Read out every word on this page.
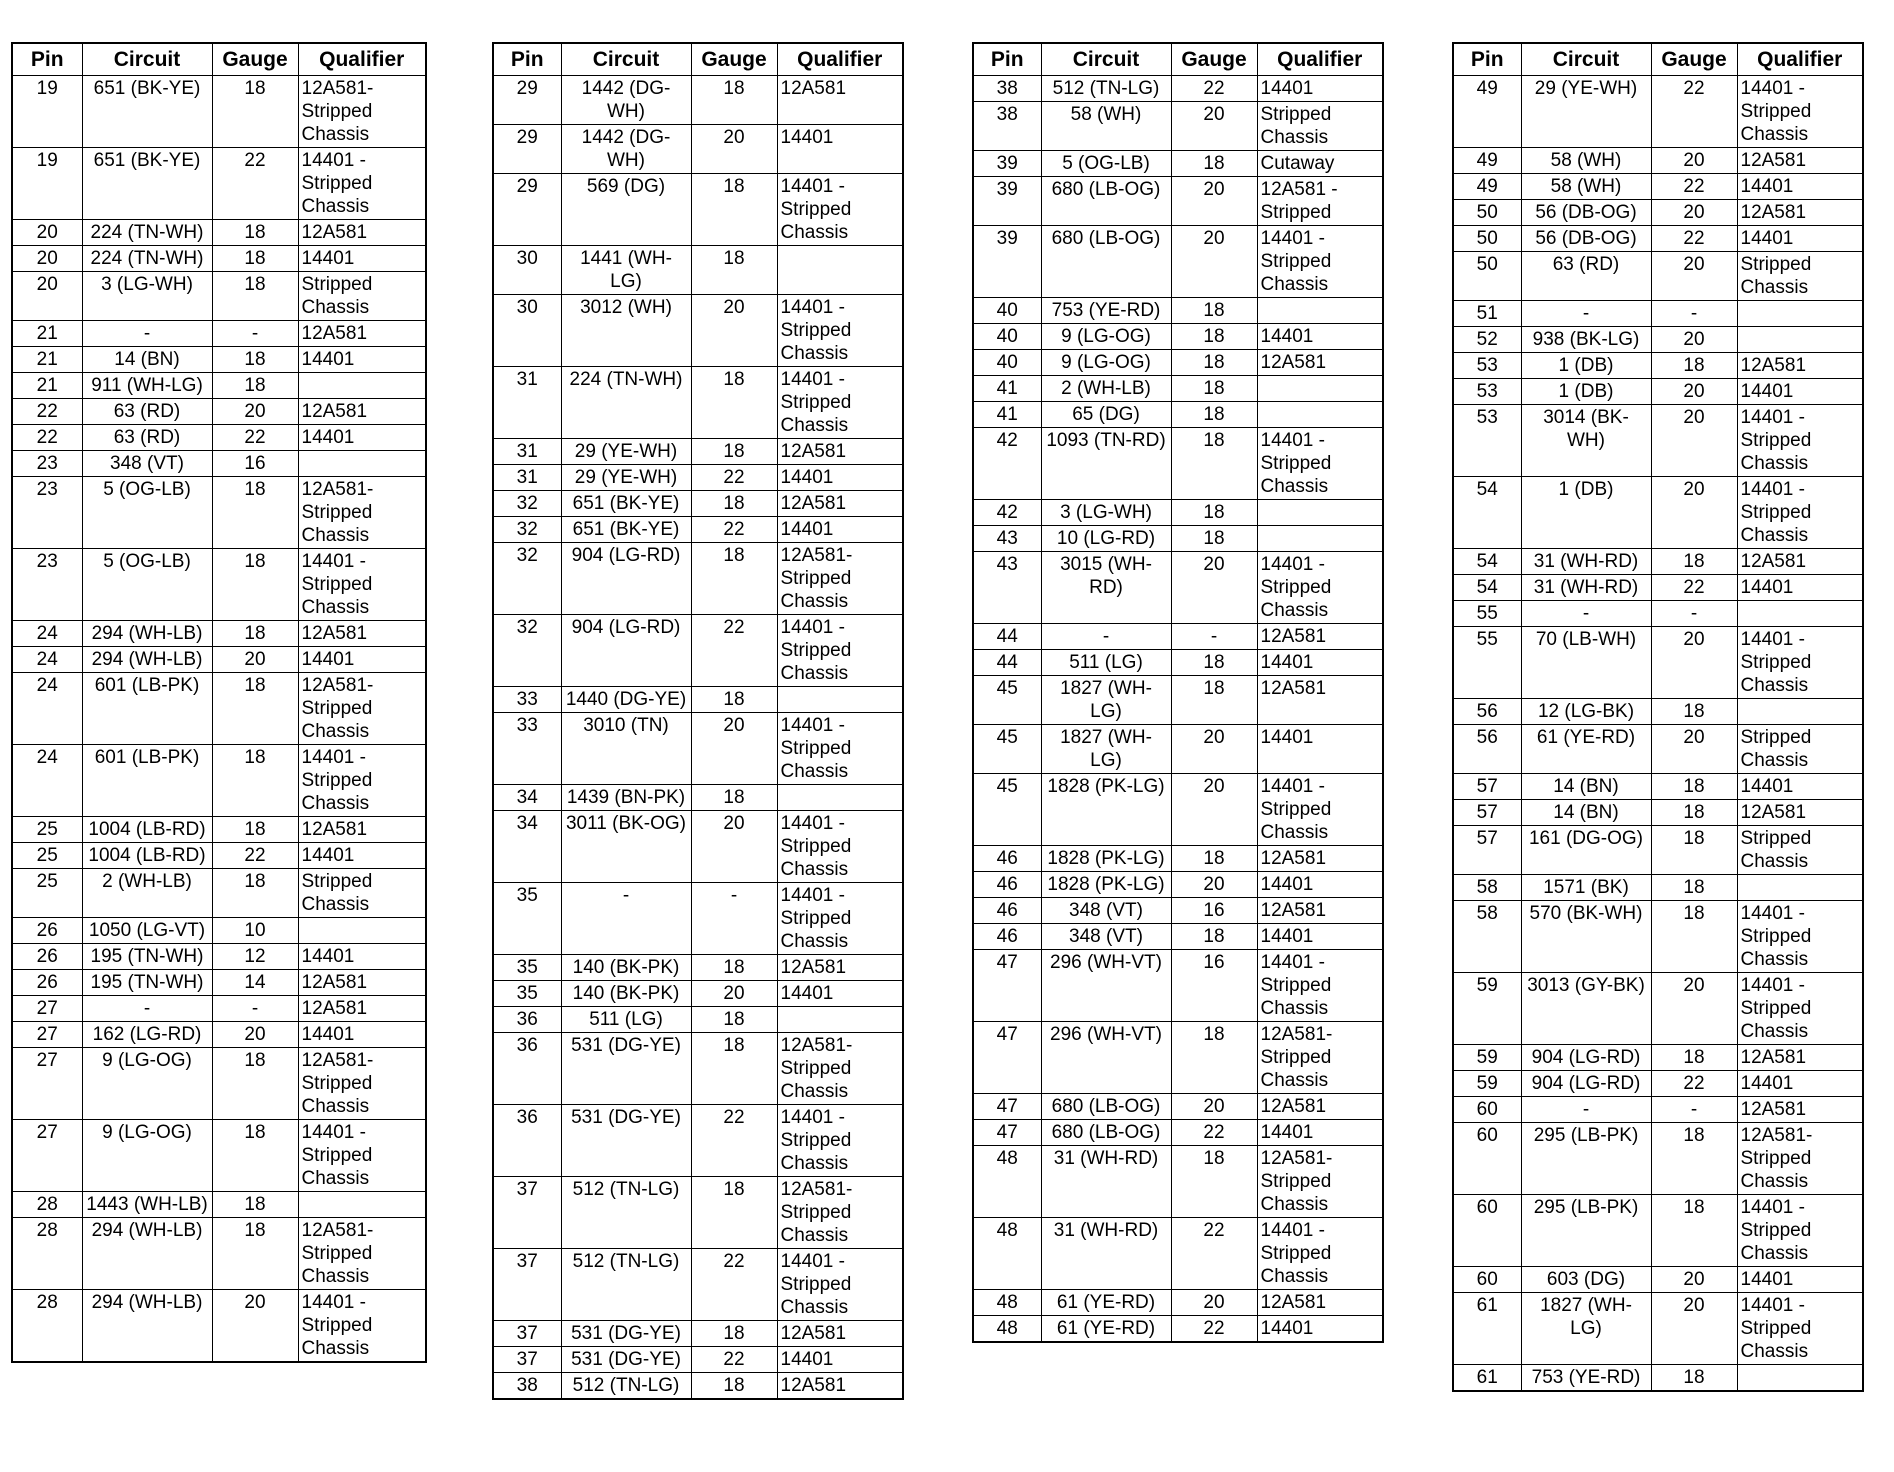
Pin	Circuit	Gauge	Qualifier
19	651 (BK-YE)	18	12A581-
Stripped
Chassis
19	651 (BK-YE)	22	14401 -
Stripped
Chassis
20	224 (TN-WH)	18	12A581
20	224 (TN-WH)	18	14401
20	3 (LG-WH)	18	Stripped
Chassis
21	-	-	12A581
21	14 (BN)	18	14401
21	911 (WH-LG)	18	
22	63 (RD)	20	12A581
22	63 (RD)	22	14401
23	348 (VT)	16	
23	5 (OG-LB)	18	12A581-
Stripped
Chassis
23	5 (OG-LB)	18	14401 -
Stripped
Chassis
24	294 (WH-LB)	18	12A581
24	294 (WH-LB)	20	14401
24	601 (LB-PK)	18	12A581-
Stripped
Chassis
24	601 (LB-PK)	18	14401 -
Stripped
Chassis
25	1004 (LB-RD)	18	12A581
25	1004 (LB-RD)	22	14401
25	2 (WH-LB)	18	Stripped
Chassis
26	1050 (LG-VT)	10	
26	195 (TN-WH)	12	14401
26	195 (TN-WH)	14	12A581
27	-	-	12A581
27	162 (LG-RD)	20	14401
27	9 (LG-OG)	18	12A581-
Stripped
Chassis
27	9 (LG-OG)	18	14401 -
Stripped
Chassis
28	1443 (WH-LB)	18	
28	294 (WH-LB)	18	12A581-
Stripped
Chassis
28	294 (WH-LB)	20	14401 -
Stripped
Chassis
Pin	Circuit	Gauge	Qualifier
29	1442 (DG-
WH)	18	12A581
29	1442 (DG-
WH)	20	14401
29	569 (DG)	18	14401 -
Stripped
Chassis
30	1441 (WH-
LG)	18	
30	3012 (WH)	20	14401 -
Stripped
Chassis
31	224 (TN-WH)	18	14401 -
Stripped
Chassis
31	29 (YE-WH)	18	12A581
31	29 (YE-WH)	22	14401
32	651 (BK-YE)	18	12A581
32	651 (BK-YE)	22	14401
32	904 (LG-RD)	18	12A581-
Stripped
Chassis
32	904 (LG-RD)	22	14401 -
Stripped
Chassis
33	1440 (DG-YE)	18	
33	3010 (TN)	20	14401 -
Stripped
Chassis
34	1439 (BN-PK)	18	
34	3011 (BK-OG)	20	14401 -
Stripped
Chassis
35	-	-	14401 -
Stripped
Chassis
35	140 (BK-PK)	18	12A581
35	140 (BK-PK)	20	14401
36	511 (LG)	18	
36	531 (DG-YE)	18	12A581-
Stripped
Chassis
36	531 (DG-YE)	22	14401 -
Stripped
Chassis
37	512 (TN-LG)	18	12A581-
Stripped
Chassis
37	512 (TN-LG)	22	14401 -
Stripped
Chassis
37	531 (DG-YE)	18	12A581
37	531 (DG-YE)	22	14401
38	512 (TN-LG)	18	12A581
Pin	Circuit	Gauge	Qualifier
38	512 (TN-LG)	22	14401
38	58 (WH)	20	Stripped
Chassis
39	5 (OG-LB)	18	Cutaway
39	680 (LB-OG)	20	12A581 -
Stripped
39	680 (LB-OG)	20	14401 -
Stripped
Chassis
40	753 (YE-RD)	18	
40	9 (LG-OG)	18	14401
40	9 (LG-OG)	18	12A581
41	2 (WH-LB)	18	
41	65 (DG)	18	
42	1093 (TN-RD)	18	14401 -
Stripped
Chassis
42	3 (LG-WH)	18	
43	10 (LG-RD)	18	
43	3015 (WH-
RD)	20	14401 -
Stripped
Chassis
44	-	-	12A581
44	511 (LG)	18	14401
45	1827 (WH-
LG)	18	12A581
45	1827 (WH-
LG)	20	14401
45	1828 (PK-LG)	20	14401 -
Stripped
Chassis
46	1828 (PK-LG)	18	12A581
46	1828 (PK-LG)	20	14401
46	348 (VT)	16	12A581
46	348 (VT)	18	14401
47	296 (WH-VT)	16	14401 -
Stripped
Chassis
47	296 (WH-VT)	18	12A581-
Stripped
Chassis
47	680 (LB-OG)	20	12A581
47	680 (LB-OG)	22	14401
48	31 (WH-RD)	18	12A581-
Stripped
Chassis
48	31 (WH-RD)	22	14401 -
Stripped
Chassis
48	61 (YE-RD)	20	12A581
48	61 (YE-RD)	22	14401
Pin	Circuit	Gauge	Qualifier
49	29 (YE-WH)	22	14401 -
Stripped
Chassis
49	58 (WH)	20	12A581
49	58 (WH)	22	14401
50	56 (DB-OG)	20	12A581
50	56 (DB-OG)	22	14401
50	63 (RD)	20	Stripped
Chassis
51	-	-	
52	938 (BK-LG)	20	
53	1 (DB)	18	12A581
53	1 (DB)	20	14401
53	3014 (BK-
WH)	20	14401 -
Stripped
Chassis
54	1 (DB)	20	14401 -
Stripped
Chassis
54	31 (WH-RD)	18	12A581
54	31 (WH-RD)	22	14401
55	-	-	
55	70 (LB-WH)	20	14401 -
Stripped
Chassis
56	12 (LG-BK)	18	
56	61 (YE-RD)	20	Stripped
Chassis
57	14 (BN)	18	14401
57	14 (BN)	18	12A581
57	161 (DG-OG)	18	Stripped
Chassis
58	1571 (BK)	18	
58	570 (BK-WH)	18	14401 -
Stripped
Chassis
59	3013 (GY-BK)	20	14401 -
Stripped
Chassis
59	904 (LG-RD)	18	12A581
59	904 (LG-RD)	22	14401
60	-	-	12A581
60	295 (LB-PK)	18	12A581-
Stripped
Chassis
60	295 (LB-PK)	18	14401 -
Stripped
Chassis
60	603 (DG)	20	14401
61	1827 (WH-
LG)	20	14401 -
Stripped
Chassis
61	753 (YE-RD)	18	
